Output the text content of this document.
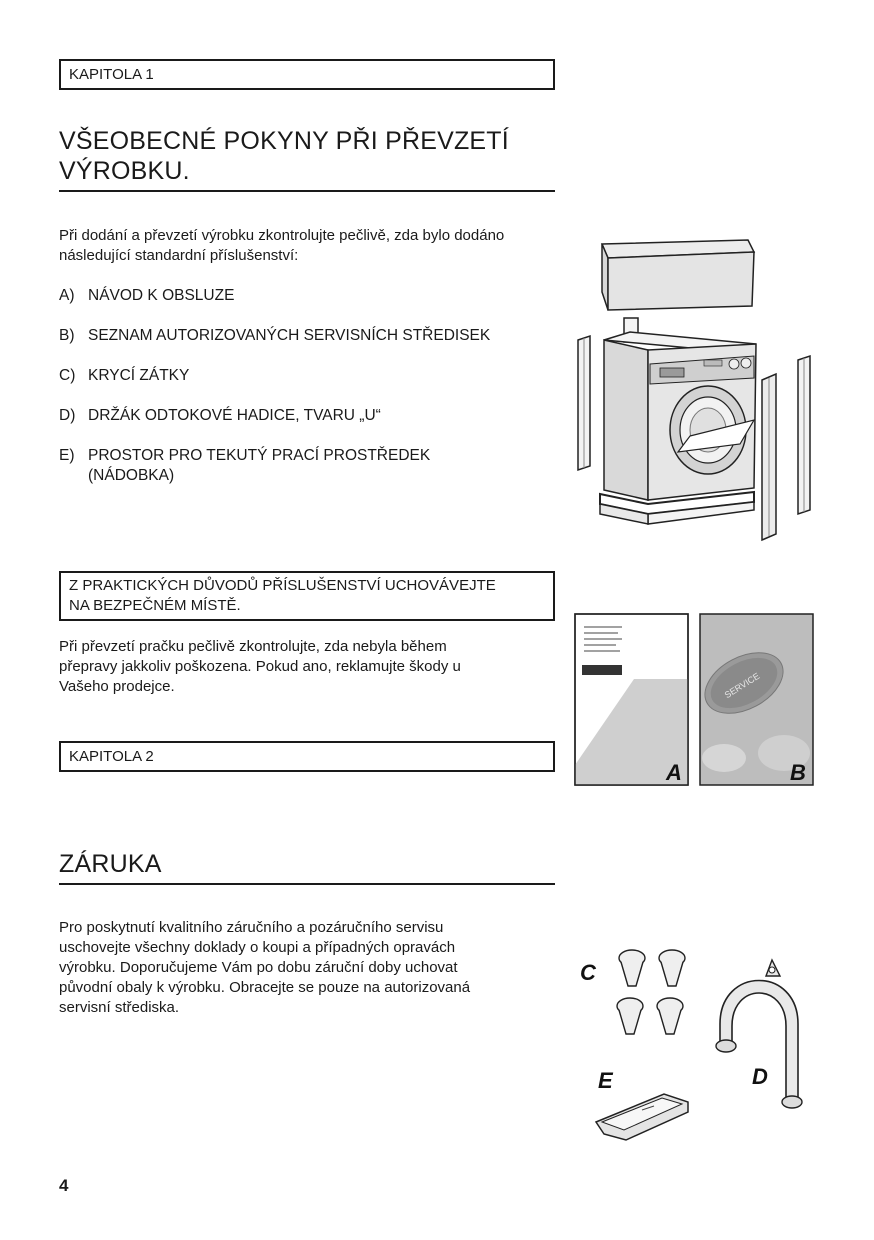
KAPITOLA 1
VŠEOBECNÉ POKYNY PŘI PŘEVZETÍ
VÝROBKU.
Při dodání a převzetí výrobku zkontrolujte pečlivě, zda bylo dodáno
následující standardní příslušenství:
A) NÁVOD K OBSLUZE
B) SEZNAM AUTORIZOVANÝCH SERVISNÍCH STŘEDISEK
C) KRYCÍ ZÁTKY
D) DRŽÁK ODTOKOVÉ HADICE, TVARU „U“
E) PROSTOR PRO TEKUTÝ PRACÍ PROSTŘEDEK
(NÁDOBKA)
Z PRAKTICKÝCH DŮVODŮ PŘÍSLUŠENSTVÍ UCHOVÁVEJTE
NA BEZPEČNÉM MÍSTĚ.
Při převzetí pračku pečlivě zkontrolujte, zda nebyla během
přepravy jakkoliv poškozena. Pokud ano, reklamujte škody u
Vašeho prodejce.
KAPITOLA 2
ZÁRUKA
Pro poskytnutí kvalitního záručního a pozáručního servisu
uschovejte všechny doklady o koupi a případných opravách
výrobku. Doporučujeme Vám po dobu záruční doby uchovat
původní obaly k výrobku. Obracejte se pouze na autorizovaná
servisní střediska.
4
A
SERVICE
B
C
D
E
